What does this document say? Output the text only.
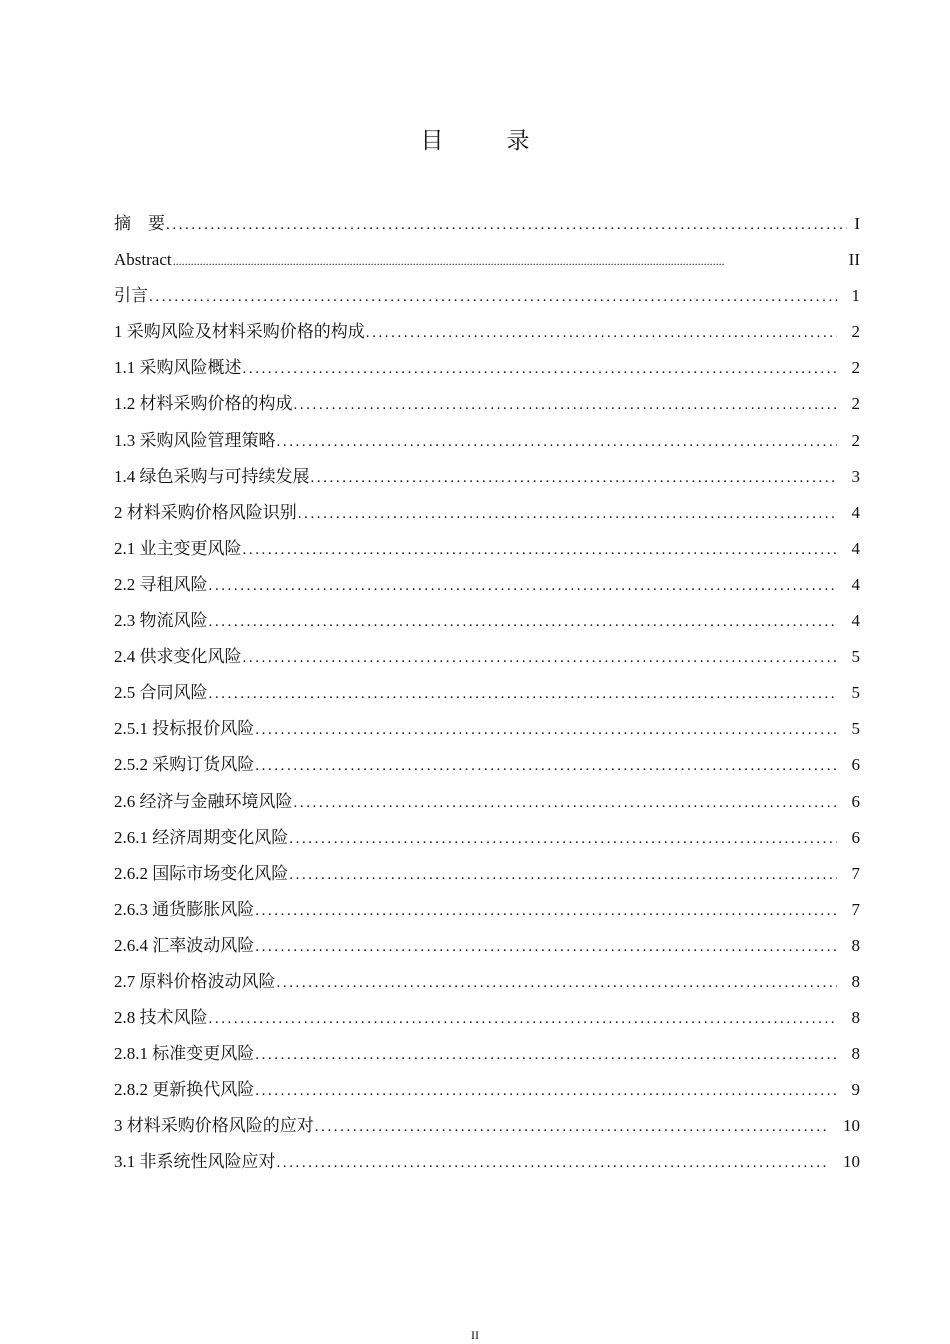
目　录
摘　要 .....	I
Abstract .....	II
引言 .....	1
1 采购风险及材料采购价格的构成 .....	2
1.1 采购风险概述 .....	2
1.2 材料采购价格的构成 .....	2
1.3 采购风险管理策略 .....	2
1.4 绿色采购与可持续发展 .....	3
2 材料采购价格风险识别 .....	4
2.1 业主变更风险 .....	4
2.2 寻租风险 .....	4
2.3 物流风险 .....	4
2.4 供求变化风险 .....	5
2.5 合同风险 .....	5
2.5.1 投标报价风险 .....	5
2.5.2 采购订货风险 .....	6
2.6 经济与金融环境风险 .....	6
2.6.1 经济周期变化风险 .....	6
2.6.2 国际市场变化风险 .....	7
2.6.3 通货膨胀风险 .....	7
2.6.4 汇率波动风险 .....	8
2.7 原料价格波动风险 .....	8
2.8 技术风险 .....	8
2.8.1 标准变更风险 .....	8
2.8.2 更新换代风险 .....	9
3 材料采购价格风险的应对 .....	10
3.1 非系统性风险应对 .....	10
II
